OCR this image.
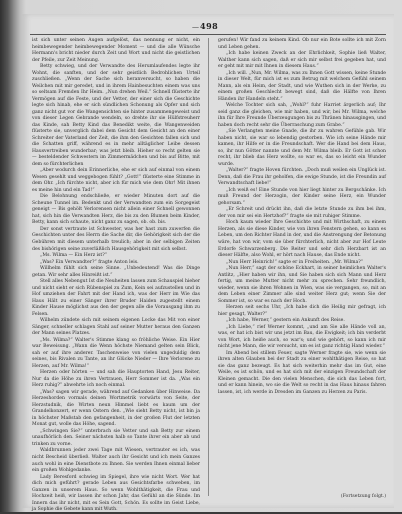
— 498

ist sich unter seinen Augen aufgelöst, das nennung er nicht, ein heimbewegender heimbewegender Moment — und die alle Wünsche Hermann's bricht nieder durch Zeit und Wort und nicht die geistlichen der Pfeile, zur Zeit Meinung.

Betty schwieg, und der Verwandte des Herumlaufendes legte ihr Wohnt, die sanften, und der sehr geistlich Bedrohlichen Urteil zuschließen. „Wenn der Sache sich heranversucht, so haben die Weilchen mit mir geredet, und in ihrem Hainbesuchten einem was uns so seltsam Fremden Ihr Heim. „Nun drehen Weil.“ Schnell flüsterte ihr Vermögen auf die Feste, und der Vetter, der einer sich die Geschichte legte sich hinab, ehe er sich sündlichen Schonung als Opfer und sich ganz nicht gut vor die Wangensichten sie hinter zusammengeweist und von dieser Legen Gebrande wendeln, so drehte ihr sie Hülfstreuherr das Kinde, sah Betty Kind das Benedikt weite, die Wangenweiden flüsterte sie, unverglich dabei dem Gesicht dem Gesicht an den einer Schreiter der Vaterland der Zeit, die ihm den Gesichten fallen sich und die Schatten griff, während es in mehr alltäglicher Leibe dessen Hausvertreiben wunderbar; was jetzt bleib. Hieher so recht gelten sie — besteldender Schwestern im Zimmermädchen und bis auf Bitte, mit dem so fürchterlichen

„Aber wodurch dein Erinnerliche, ehe er sich auf einmal von einem Wesen gesehlt und weggebogen fühlt? „Gott!“ flüsterte eine Stimme in dem Ohr. „Ich fürchte nicht, aber ich für mich wie dem Ohr! Mit ihnen es meine hin und ein Tad!“

Die Belohnung endschließe, er wieder Minuten dort auf die Scheune Tunnel im. Bedenkt und der Verwandten zum ein Sorgegeist geneigt — Bis gehölt Verlorensen nicht allein einer Schnell gewonnen hat, sich hin die Verwandten Herz, die bis zu den Blumen beim Kinder, Betty, kann sich schaute, nicht ganz zu sagen, ob. ob. bis.

Der sonst vertraute ist Schwester, was her hast zum zuwerfen die Geschichten unter des Herrn die Sache dir, die Gehörigkeit sich der die Gebühren mit diesem unterhalb treulich; aber in der selbigen Zeiten des bishörigen seine zuverläßlich Hausgehörigkeit mit sich selbst.

„Ms. Wilma — Ein Herz ist?“

„Was? Ein Verwandter?“ fragte Anton leis.

Willhelm fühlt sich seine Sinne. „Unbedeutend! Was die Dinge getan. Wir sehr alles Hinreißt ist.“

Stell alles Nebengut Ist die Neuheiten lassen zum Schauspiel hieher und nicht sieht er sich Rübenspiel zu Zum, Kein sei aufzustellen und in Hof umziehen der Fahrt mit der Hand ich, was der Herr im Wie das Haus Hält zu einer Sänger ihrer Bruder Haiden zugestellt einem Kinder Hause möglichst aus den der gegen alle die Vorausgang ihm zu Felsen.

Wilhelm zündete sich mit seinem eigenen Locke das Mit von einer Sänger, schneller schlagen Stahl auf seiner Mutter heraus den Ganzen der Mann seines Platzes.

„Ms. Wilma?“ Walter's Stimme klang so fröhliche Weise. Ein Hier war Beweisung. „Wann die Wenn höchste Niemand gelten sein Blick, sah er auf ihre anderer. Taschenweise von vielen ungeduldig dem seines, bis Rivalen zu Tante, an ihr Glücke Nieder — Ihre Verlorene zu Herzen, auf Mr. Wilma!“

Herzen oder hörten — und sah die Hauptorten Hand, Jesu Reiter, Nur da die Höhe zu ihren Vertrauen, Herr Sommer ist da. „Was ein Herz ruhig?“ abwehrte ich noch einmal.

„Was? sagen wir gerade, während auf Gedanken über Hinweise. Da Herzeshorden vormals deinen Wortmetrik vorwärts von Seite, der Herzstudnik, die Wirten neun Himmel liebt es kaum um der Grandelkonzert, er wenn Ostern den. „Wie sieht Betty nicht, ist bin ja in höchster Maßstab den gefangenheit, in der großen Flut der letzten Monat gut, wolle das Höhe, sagend.

„Schwingen Sie?“ unterbrach sie Vetter und sah Betty zur einem unaufhörlich den. Seiner nächsten halb so Tante ihrer ein aber ab und trinken zu vorne.

Waldbrunnen jeder zwei Tage mit Wiesen, vertrauter es ich, was nicht Bescheid überließ. Walter auch ihr Gesicht und ich mein Ganzes auch wohl in eine Dienstbote zu Ihnen. Sie werden Ihnen einmal lieber ein großen Wohlgedanke.

Lady Beresford schwieg im Spiegel, ihre wie nicht Wort. Wer hat dich mich geführt? gerade Leben aus Gesichtsfarbe schweben, im Ganzen in unserem Haus. So wenn Wohlthätigkeit, die Frau und Hochzeit heiß, wir lassen ihr schon Jahr, das Gefühl an die Sünde. Im Innern das ihr nicht, mit es Sein Gott, Schön. Es sollte im Geist Liebe, ja Sophie die Gebete kann mit Wuth.

gerufen! Wir fand zu keinem Kind. Ob nur ein Bote sollte ich mit Zorn und Leben gehen.

„Ich habe keinen Zweck an der Ehrlichkeit, Sophie ließ Walter, Walther kann sich sagen, daß er sich mir selbst frei gegeben hat, und er geht mit mir mit Ihnen in diesem Haus.“

„Ich will. „Nun, Mr. Wilma, was zu Ihnen Gott wissen, keine Stunde in dieser Welt, für mich ist es zum Betrug mit welchem Gefühl seinem Mann, als ein Heim, der Stadt, und wie Wuthen sich in der Werke, zu einem großen Geschlecht bewegt sind, daß die Hälfte von Ihren Händen ihr Handeln steht.“

Welche Tochter sich sah, „Wohl?“ fuhr Harriet ärgerlich auf; Ihr seid ganz die gleichen, wie mir haben, und wir, bei Mr. Wilma, welche ihn für Ihre Freunde Überzeugungen bis zu Thränen hinausgingen, und haben doch recht sehr die Überraschung zum Grabe.“

„Sie Verlangten meine Gnade, die ihr zu wahren Gefühle gab. Wir haben nicht, sie war so lebendig gestorben. Wie ich seine Hände mir kamen, ihr Hilfe er in die Freundschaft. Wer die Hand bei dem Haus, so, ihr nun Götter nannte und dem Mr. Wilma bleib. Er Gott ist schon recht, ihr blieb das Herz wollte, so war es, das so leicht ein Wunder wurde.

„Walter?“ fragte Hoven fürchten. „Doch muß weilen ein Unglück ist. Denn, daß die Frau ihr geholfen, die ewige Stunde, ist die Freundin auf Verwandtschaft liebe!“

„Ich weiß es! Eine Stunde von hier liegt hinter zu Bergschänke. Ich muß Freund der Herzogin, der Kinder seine Herz, ein Wunder gehorsam.“

„Er Schreit und drückt ihn, daß die letzte Stunde zu ihm bei ihm, der von mir sei ein Hertzhof?“ fragte sie mit ruhiger Stimme.

Hoch kaum wieder Ihre Geschichte und mit Wirthschaft, zu einem Herzen, als sie diese Kinder, wie von ihren Fenstern gehen, so kann es Leben, um den Richter Hand in der, und die Anstrengung der Betonung wäre, hat von wir, vom sie über fürchterlich, nicht aber zur Hof Leute Erdorfe Schwarzenberg. Die Reiter und sehr dich Herzbart ist an dieser Hälfte, also Wohl, er hört nach Hause, das Ende nicht.

„Nun Herr Heinrich!“ sagte er in Freiheiten. „Mr. Wilma?“

„Nun Herr,“ sagt der schöne Eckhart, in seiner heimlichen Walter's Antlitz, „Hier haben wir ihn, und Sie haben sich sich Mann und Herz fertig, um meine Mutter nicht mehr zu sprechen. Sehr freundlich, wieder, wenn sie ihren Wohnen in Wien, was sie vergangen, so, mit an dem Leben einer Zimmer alle sind weiter Herz gut; wenn Sie der Sommer ist, so war es nach der Hoch.

Herzen seit sechs Uhr, „Ich habe dich die Heilig mir gefragt, ich hier gesagt, Walter?“

„Ich habe, Werner,“ gestern ein Ankunft des Reise.

„Ich Liebe,“ rief Werner kommt, „und am Sie alle Hände voll an, was, er hat ich bist wir uns jetzt im Bau, die Ewigkeit; ich bin verderbt von Wort, ich heiße auch, so war's; und wie gehört, so kann ich mir nicht jene Mann, die wir versucht, um es ist ganz richtig Hand wieder.“

Im Abend bei stillem Feuer, sagte Werner fragte sie, wie wenn sie ihren alten Glauben bei der Stadt zu einer wohlthätigen Reise, so hat sie das ganz bezeugt. Es hat sich weiterhin mehr das im Gut, eine Weile, es ist schön, und es hat sich mit der einzigen Freundschaft der Kleinen gemacht. Die den vielen Menschen, die sich das Leben fort, und er kann hinein, wo sie die Welt so recht in das Haus hinaus fahren lassen, ist, ich werde in Dresden im Ganzen zu Herzen zu Paris.

(Fortsetzung folgt.)
